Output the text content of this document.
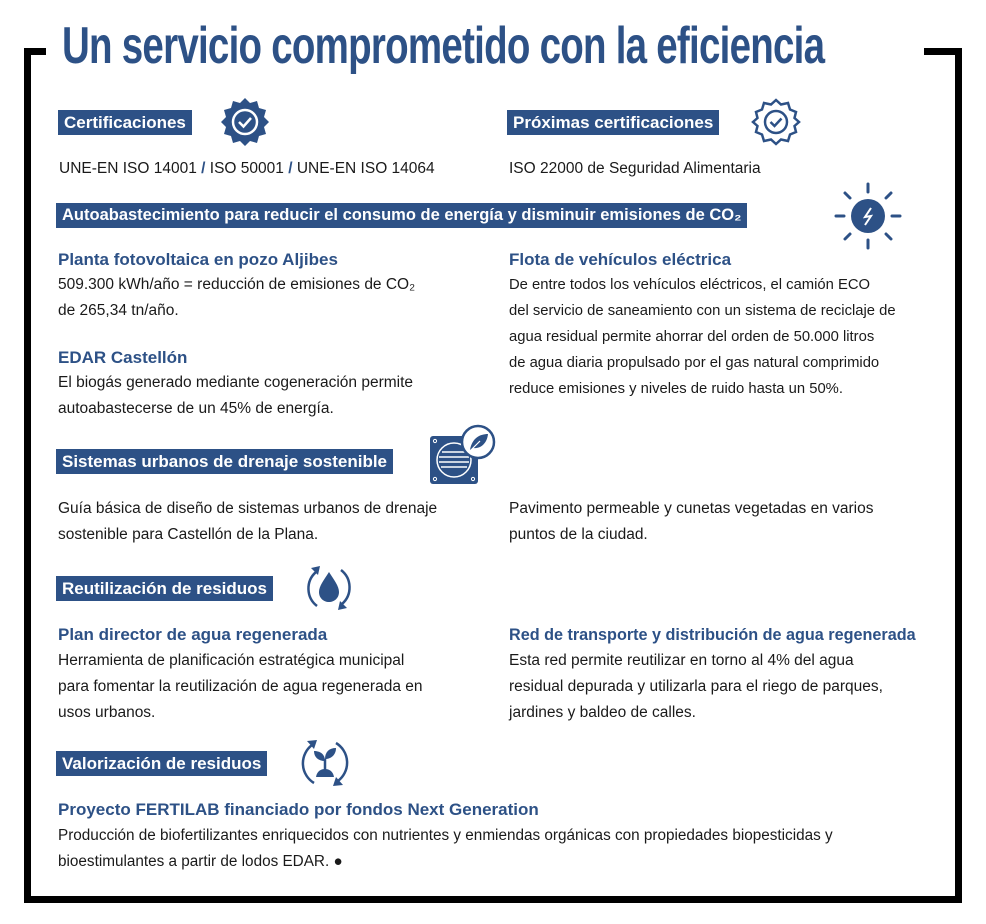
Un servicio comprometido con la eficiencia
Certificaciones
UNE-EN ISO 14001 / ISO 50001 / UNE-EN ISO 14064
Próximas certificaciones
ISO 22000 de Seguridad Alimentaria
Autoabastecimiento para reducir el consumo de energía y disminuir emisiones de CO₂
Planta fotovoltaica en pozo Aljibes
509.300 kWh/año = reducción de emisiones de CO₂
de 265,34 tn/año.
EDAR Castellón
El biogás generado mediante cogeneración permite
autoabastecerse de un 45% de energía.
Flota de vehículos eléctrica
De entre todos los vehículos eléctricos, el camión ECO
del servicio de saneamiento con un sistema de reciclaje de
agua residual permite ahorrar del orden de 50.000 litros
de agua diaria propulsado por el gas natural comprimido
reduce emisiones y niveles de ruido hasta un 50%.
Sistemas urbanos de drenaje sostenible
Guía básica de diseño de sistemas urbanos de drenaje
sostenible para Castellón de la Plana.
Pavimento permeable y cunetas vegetadas en varios
puntos de la ciudad.
Reutilización de residuos
Plan director de agua regenerada
Herramienta de planificación estratégica municipal
para fomentar la reutilización de agua regenerada en
usos urbanos.
Red de transporte y distribución de agua regenerada
Esta red permite reutilizar en torno al 4% del agua
residual depurada y utilizarla para el riego de parques,
jardines y baldeo de calles.
Valorización de residuos
Proyecto FERTILAB financiado por fondos Next Generation
Producción de biofertilizantes enriquecidos con nutrientes y enmiendas orgánicas con propiedades biopesticidas y
bioestimulantes a partir de lodos EDAR. ●
